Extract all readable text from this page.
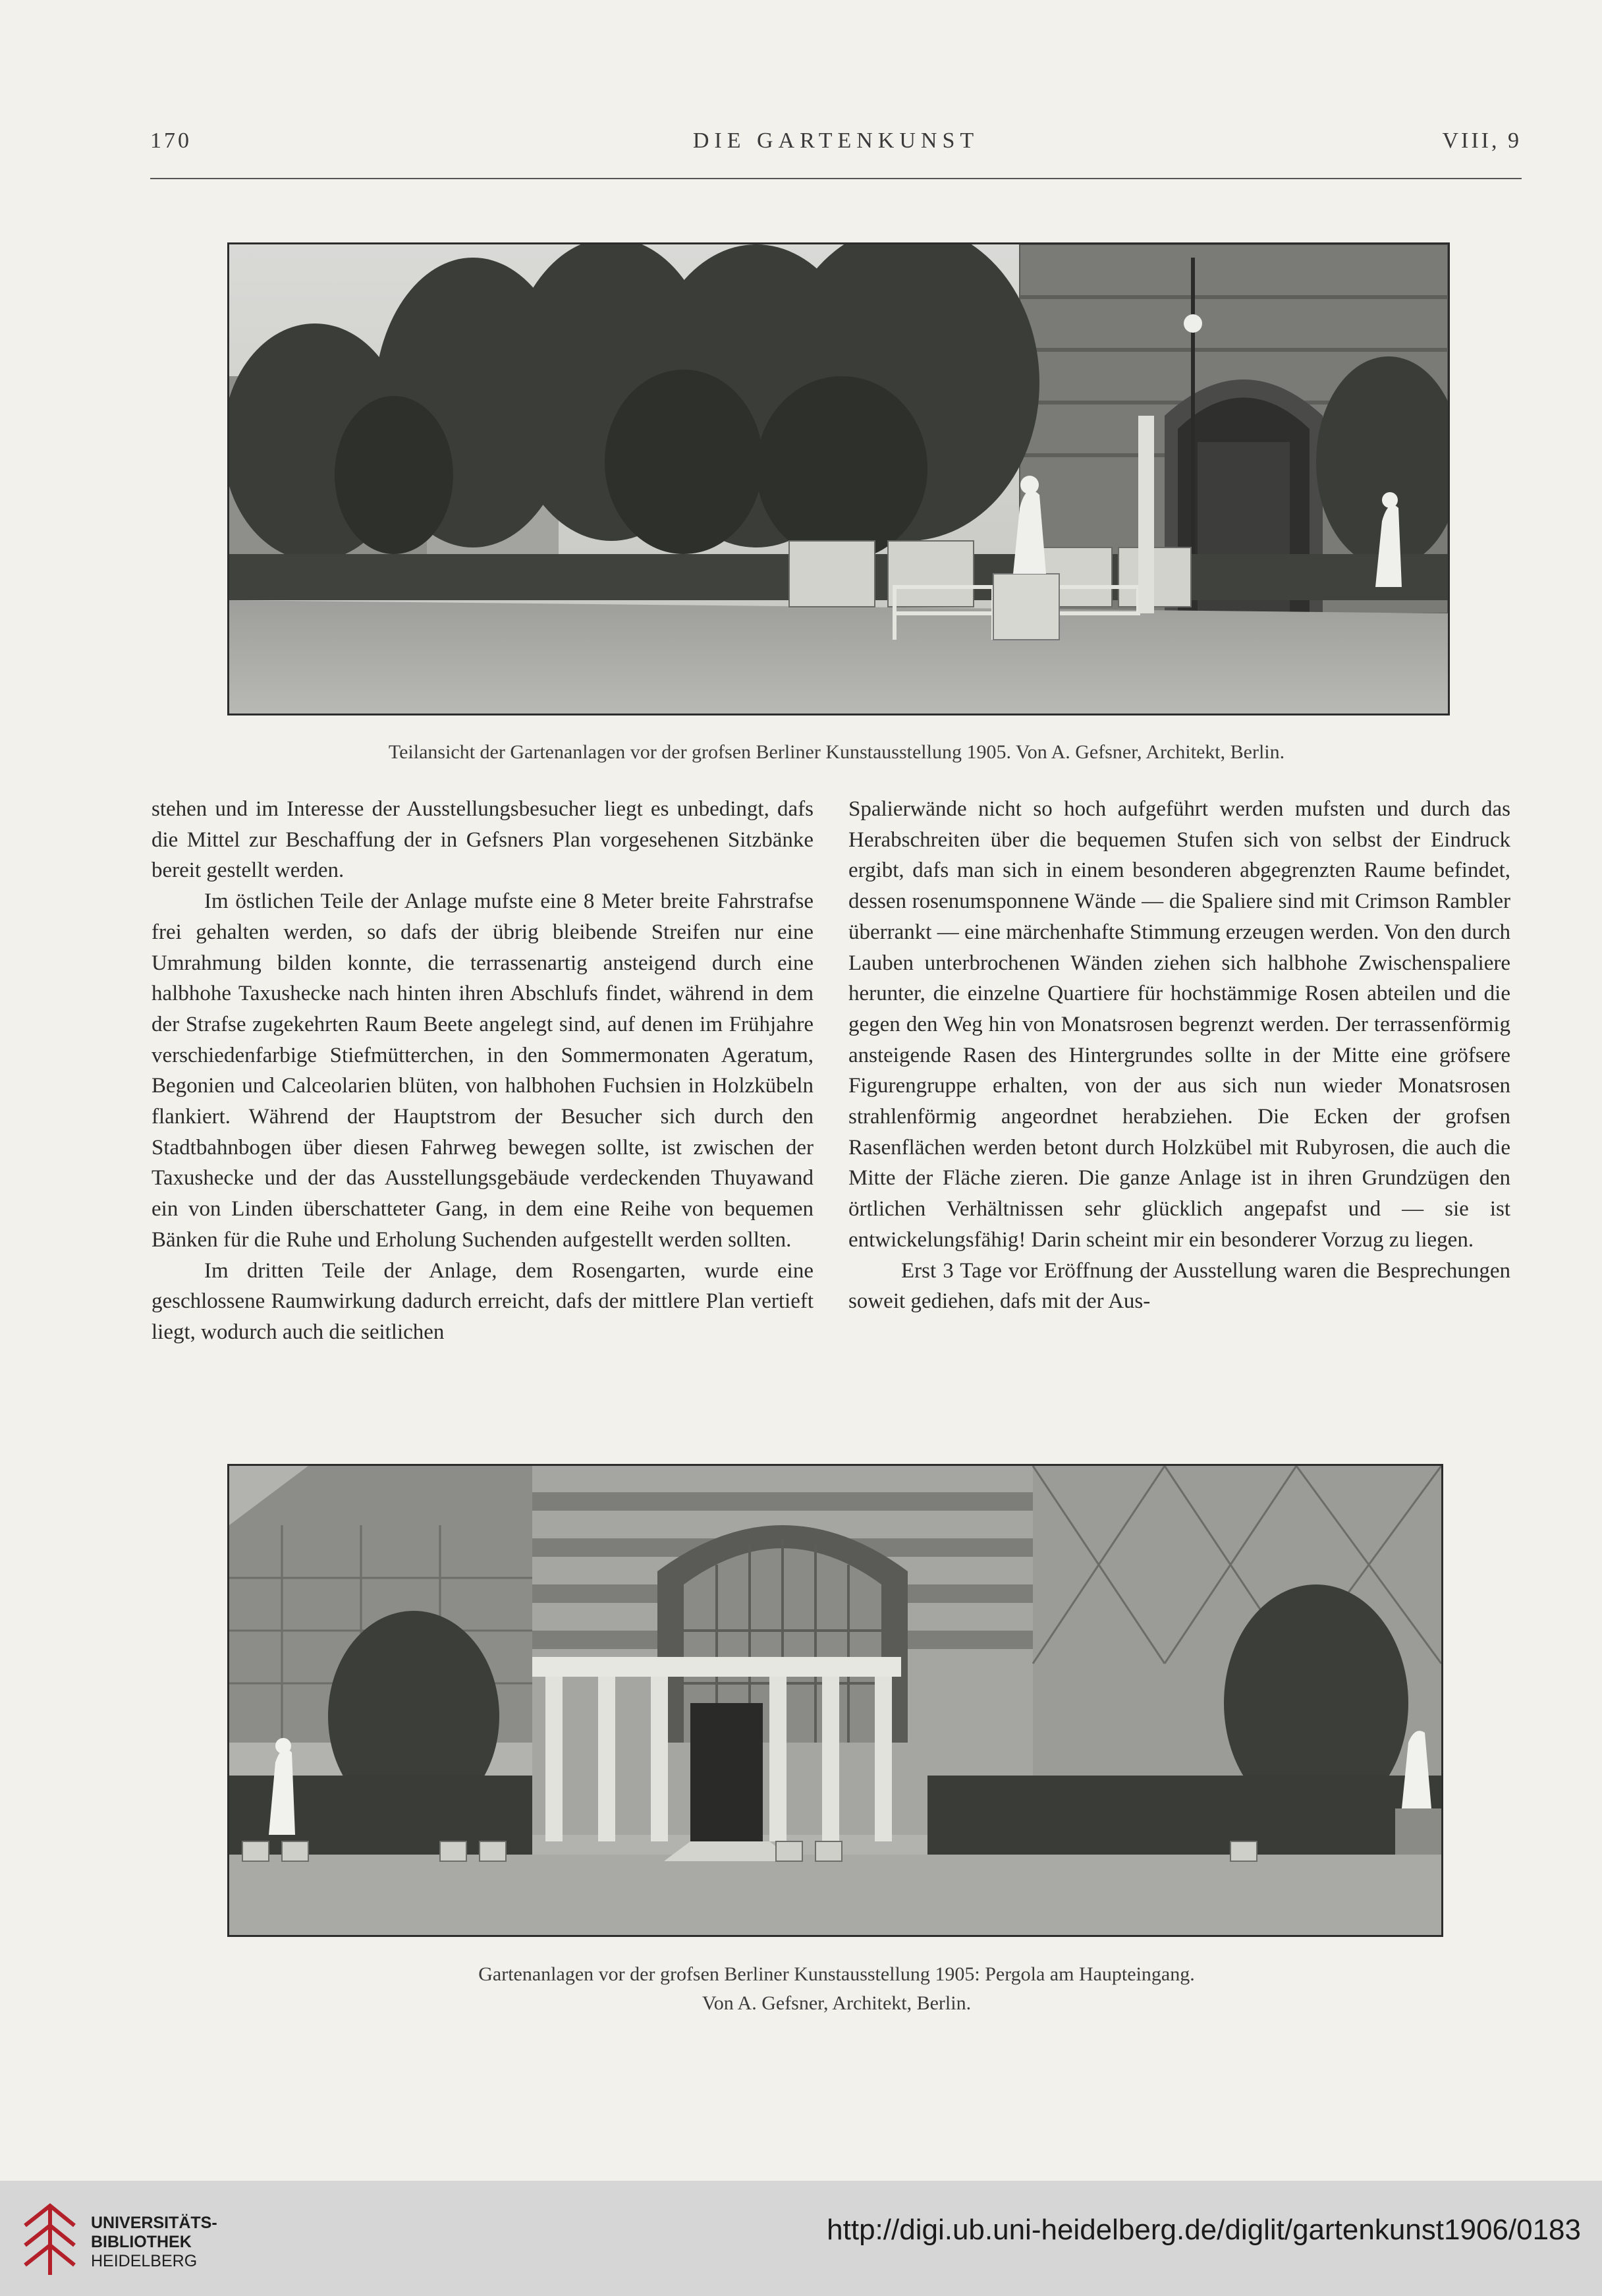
DIE GARTENKUNST
170	VIII, 9
Teilansicht der Gartenanlagen vor der grofsen Berliner Kunstausstellung 1905. Von A. Gefsner, Architekt, Berlin.

stehen und im Interesse der Ausstellungsbesucher liegt es unbedingt, dafs die Mittel zur Beschaffung der in Gefsners Plan vorgesehenen Sitzbänke bereit gestellt werden.

Im östlichen Teile der Anlage mufste eine 8 Meter breite Fahrstrafse frei gehalten werden, so dafs der übrig bleibende Streifen nur eine Umrahmung bilden konnte, die terrassenartig ansteigend durch eine halbhohe Taxushecke nach hinten ihren Abschlufs findet, während in dem der Strafse zugekehrten Raum Beete angelegt sind, auf denen im Frühjahre verschiedenfarbige Stiefmütterchen, in den Sommermonaten Ageratum, Begonien und Calceolarien blüten, von halbhohen Fuchsien in Holzkübeln flankiert. Während der Hauptstrom der Besucher sich durch den Stadtbahnbogen über diesen Fahrweg bewegen sollte, ist zwischen der Taxushecke und der das Ausstellungsgebäude verdeckenden Thuyawand ein von Linden überschatteter Gang, in dem eine Reihe von bequemen Bänken für die Ruhe und Erholung Suchenden aufgestellt werden sollten.

Im dritten Teile der Anlage, dem Rosengarten, wurde eine geschlossene Raumwirkung dadurch erreicht, dafs der mittlere Plan vertieft liegt, wodurch auch die seitlichen

Spalierwände nicht so hoch aufgeführt werden mufsten und durch das Herabschreiten über die bequemen Stufen sich von selbst der Eindruck ergibt, dafs man sich in einem besonderen abgegrenzten Raume befindet, dessen rosenumsponnene Wände — die Spaliere sind mit Crimson Rambler überrankt — eine märchenhafte Stimmung erzeugen werden. Von den durch Lauben unterbrochenen Wänden ziehen sich halbhohe Zwischenspaliere herunter, die einzelne Quartiere für hochstämmige Rosen abteilen und die gegen den Weg hin von Monatsrosen begrenzt werden. Der terrassenförmig ansteigende Rasen des Hintergrundes sollte in der Mitte eine gröfsere Figurengruppe erhalten, von der aus sich nun wieder Monatsrosen strahlenförmig angeordnet herabziehen. Die Ecken der grofsen Rasenflächen werden betont durch Holzkübel mit Rubyrosen, die auch die Mitte der Fläche zieren. Die ganze Anlage ist in ihren Grundzügen den örtlichen Verhältnissen sehr glücklich angepafst und — sie ist entwickelungsfähig! Darin scheint mir ein besonderer Vorzug zu liegen.

Erst 3 Tage vor Eröffnung der Ausstellung waren die Besprechungen soweit gediehen, dafs mit der Aus-

Gartenanlagen vor der grofsen Berliner Kunstausstellung 1905: Pergola am Haupteingang.
Von A. Gefsner, Architekt, Berlin.
UNIVERSITÄTS-
BIBLIOTHEK
HEIDELBERG
http://digi.ub.uni-heidelberg.de/diglit/gartenkunst1906/0183
